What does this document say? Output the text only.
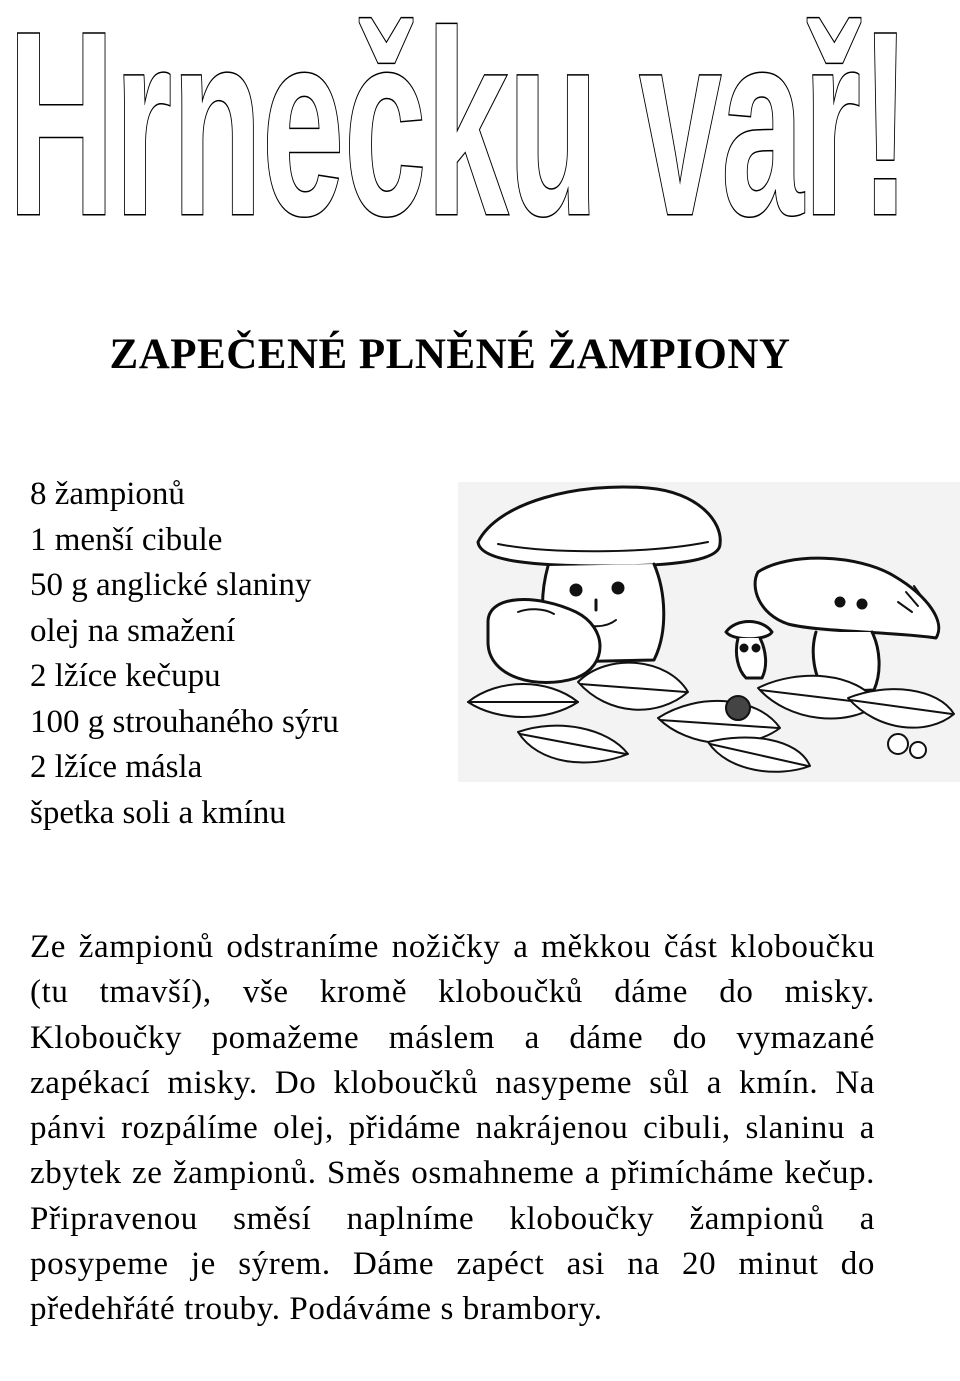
Hrnečku vař!
ZAPEČENÉ PLNĚNÉ ŽAMPIONY
8 žampionů
1 menší cibule
50 g anglické slaniny
olej na smažení
2 lžíce kečupu
100 g strouhaného sýru
2 lžíce másla
špetka soli a kmínu

Ze žampionů odstraníme nožičky a měkkou část kloboučku (tu tmavší), vše kromě kloboučků dáme do misky. Kloboučky pomažeme máslem a dáme do vymazané zapékací misky. Do kloboučků nasypeme sůl a kmín. Na pánvi rozpálíme olej, přidáme nakrájenou cibuli, slaninu a zbytek ze žampionů. Směs osmahneme a přimícháme kečup. Připravenou směsí naplníme kloboučky žampionů a posypeme je sýrem. Dáme zapéct asi na 20 minut do předehřáté trouby. Podáváme s brambory.
